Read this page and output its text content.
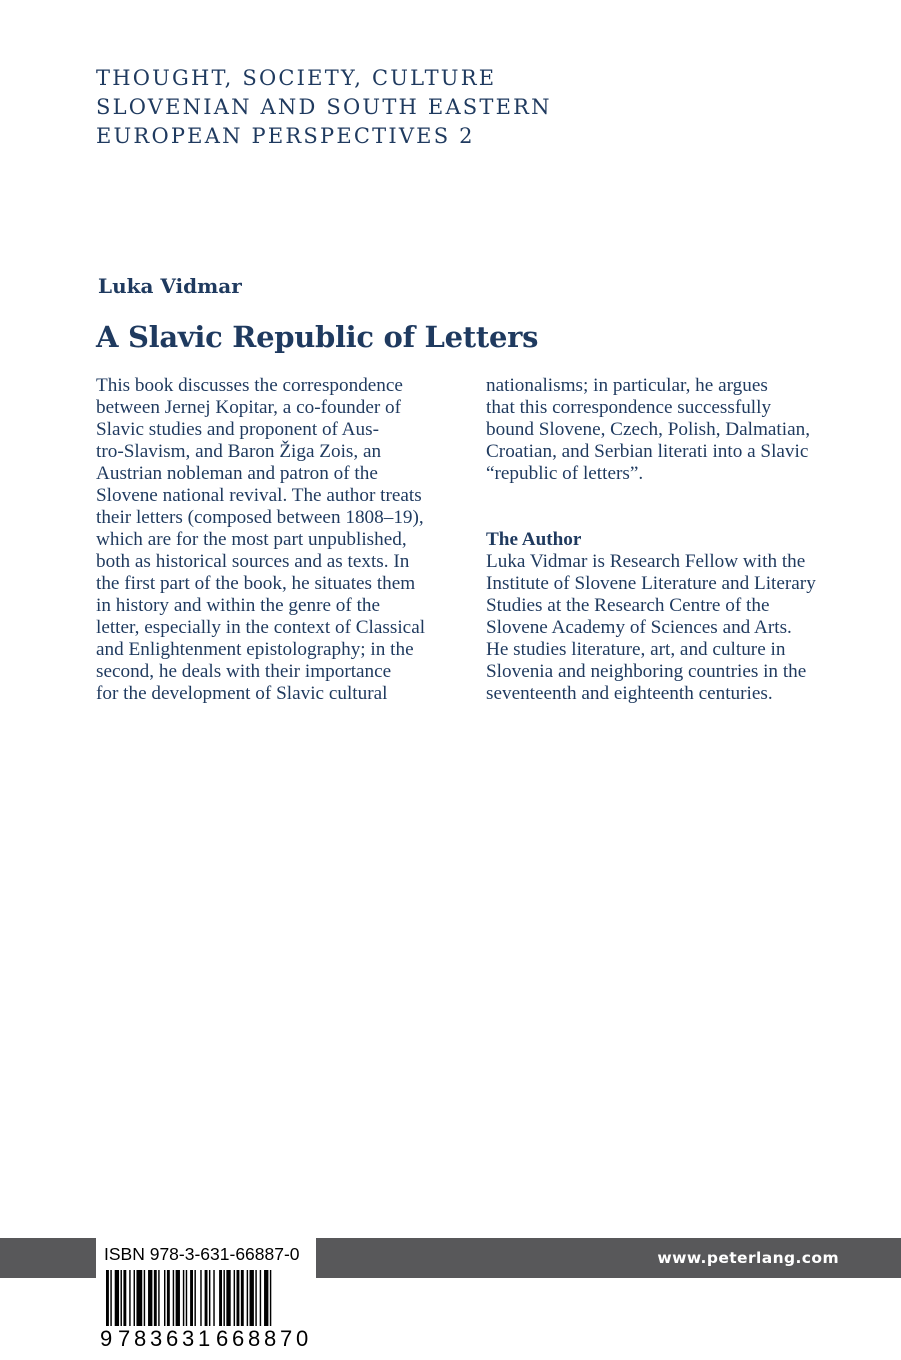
THOUGHT, SOCIETY, CULTURE
SLOVENIAN AND SOUTH EASTERN
EUROPEAN PERSPECTIVES 2
Luka Vidmar
A Slavic Republic of Letters
This book discusses the correspondence
between Jernej Kopitar, a co-founder of
Slavic studies and proponent of Aus-
tro-Slavism, and Baron Žiga Zois, an
Austrian nobleman and patron of the
Slovene national revival. The author treats
their letters (composed between 1808–19),
which are for the most part unpublished,
both as historical sources and as texts. In
the first part of the book, he situates them
in history and within the genre of the
letter, especially in the context of Classical
and Enlightenment epistolography; in the
second, he deals with their importance
for the development of Slavic cultural
nationalisms; in particular, he argues
that this correspondence successfully
bound Slovene, Czech, Polish, Dalmatian,
Croatian, and Serbian literati into a Slavic
“republic of letters”.
The Author
Luka Vidmar is Research Fellow with the
Institute of Slovene Literature and Literary
Studies at the Research Centre of the
Slovene Academy of Sciences and Arts.
He studies literature, art, and culture in
Slovenia and neighboring countries in the
seventeenth and eighteenth centuries.
www.peterlang.com
ISBN 978-3-631-66887-0
9 7 8 3 6 3 1 6 6 8 8 7 0
